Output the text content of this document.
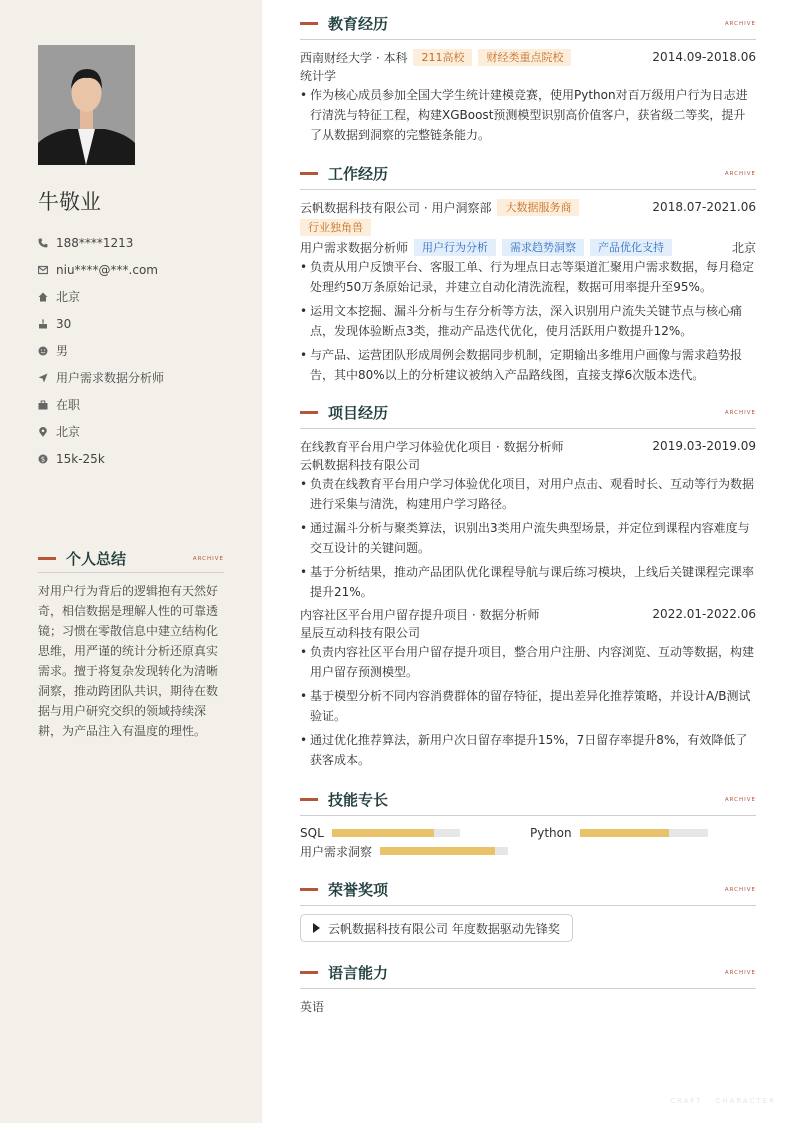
牛敬业
188****1213
niu****@***.com
北京
30
男
用户需求数据分析师
在职
北京
$ 15k-25k
个人总结	ARCHIVE
对用户行为背后的逻辑抱有天然好奇，相信数据是理解人性的可靠透镜；习惯在零散信息中建立结构化思维，用严谨的统计分析还原真实需求。擅于将复杂发现转化为清晰洞察，推动跨团队共识，期待在数据与用户研究交织的领域持续深耕，为产品注入有温度的理性。
教育经历	ARCHIVE
西南财经大学 · 本科	211高校	财经类重点院校	2014.09-2018.06
统计学
• 作为核心成员参加全国大学生统计建模竞赛，使用Python对百万级用户行为日志进行清洗与特征工程，构建XGBoost预测模型识别高价值客户，获省级二等奖，提升了从数据到洞察的完整链条能力。
工作经历	ARCHIVE
云帆数据科技有限公司 · 用户洞察部	大数据服务商	2018.07-2021.06
行业独角兽
用户需求数据分析师	用户行为分析	需求趋势洞察	产品优化支持	北京
• 负责从用户反馈平台、客服工单、行为埋点日志等渠道汇聚用户需求数据，每月稳定处理约50万条原始记录，并建立自动化清洗流程，数据可用率提升至95%。
• 运用文本挖掘、漏斗分析与生存分析等方法，深入识别用户流失关键节点与核心痛点，发现体验断点3类，推动产品迭代优化，使月活跃用户数提升12%。
• 与产品、运营团队形成周例会数据同步机制，定期输出多维用户画像与需求趋势报告，其中80%以上的分析建议被纳入产品路线图，直接支撑6次版本迭代。
项目经历	ARCHIVE
在线教育平台用户学习体验优化项目 · 数据分析师	2019.03-2019.09
云帆数据科技有限公司
• 负责在线教育平台用户学习体验优化项目，对用户点击、观看时长、互动等行为数据进行采集与清洗，构建用户学习路径。
• 通过漏斗分析与聚类算法，识别出3类用户流失典型场景，并定位到课程内容难度与交互设计的关键问题。
• 基于分析结果，推动产品团队优化课程导航与课后练习模块，上线后关键课程完课率提升21%。
内容社区平台用户留存提升项目 · 数据分析师	2022.01-2022.06
星辰互动科技有限公司
• 负责内容社区平台用户留存提升项目，整合用户注册、内容浏览、互动等数据，构建用户留存预测模型。
• 基于模型分析不同内容消费群体的留存特征，提出差异化推荐策略，并设计A/B测试验证。
• 通过优化推荐算法，新用户次日留存率提升15%，7日留存率提升8%，有效降低了获客成本。
技能专长	ARCHIVE
SQL	Python
用户需求洞察
荣誉奖项	ARCHIVE
云帆数据科技有限公司 年度数据驱动先锋奖
语言能力	ARCHIVE
英语
CRAFT · CHARACTER
